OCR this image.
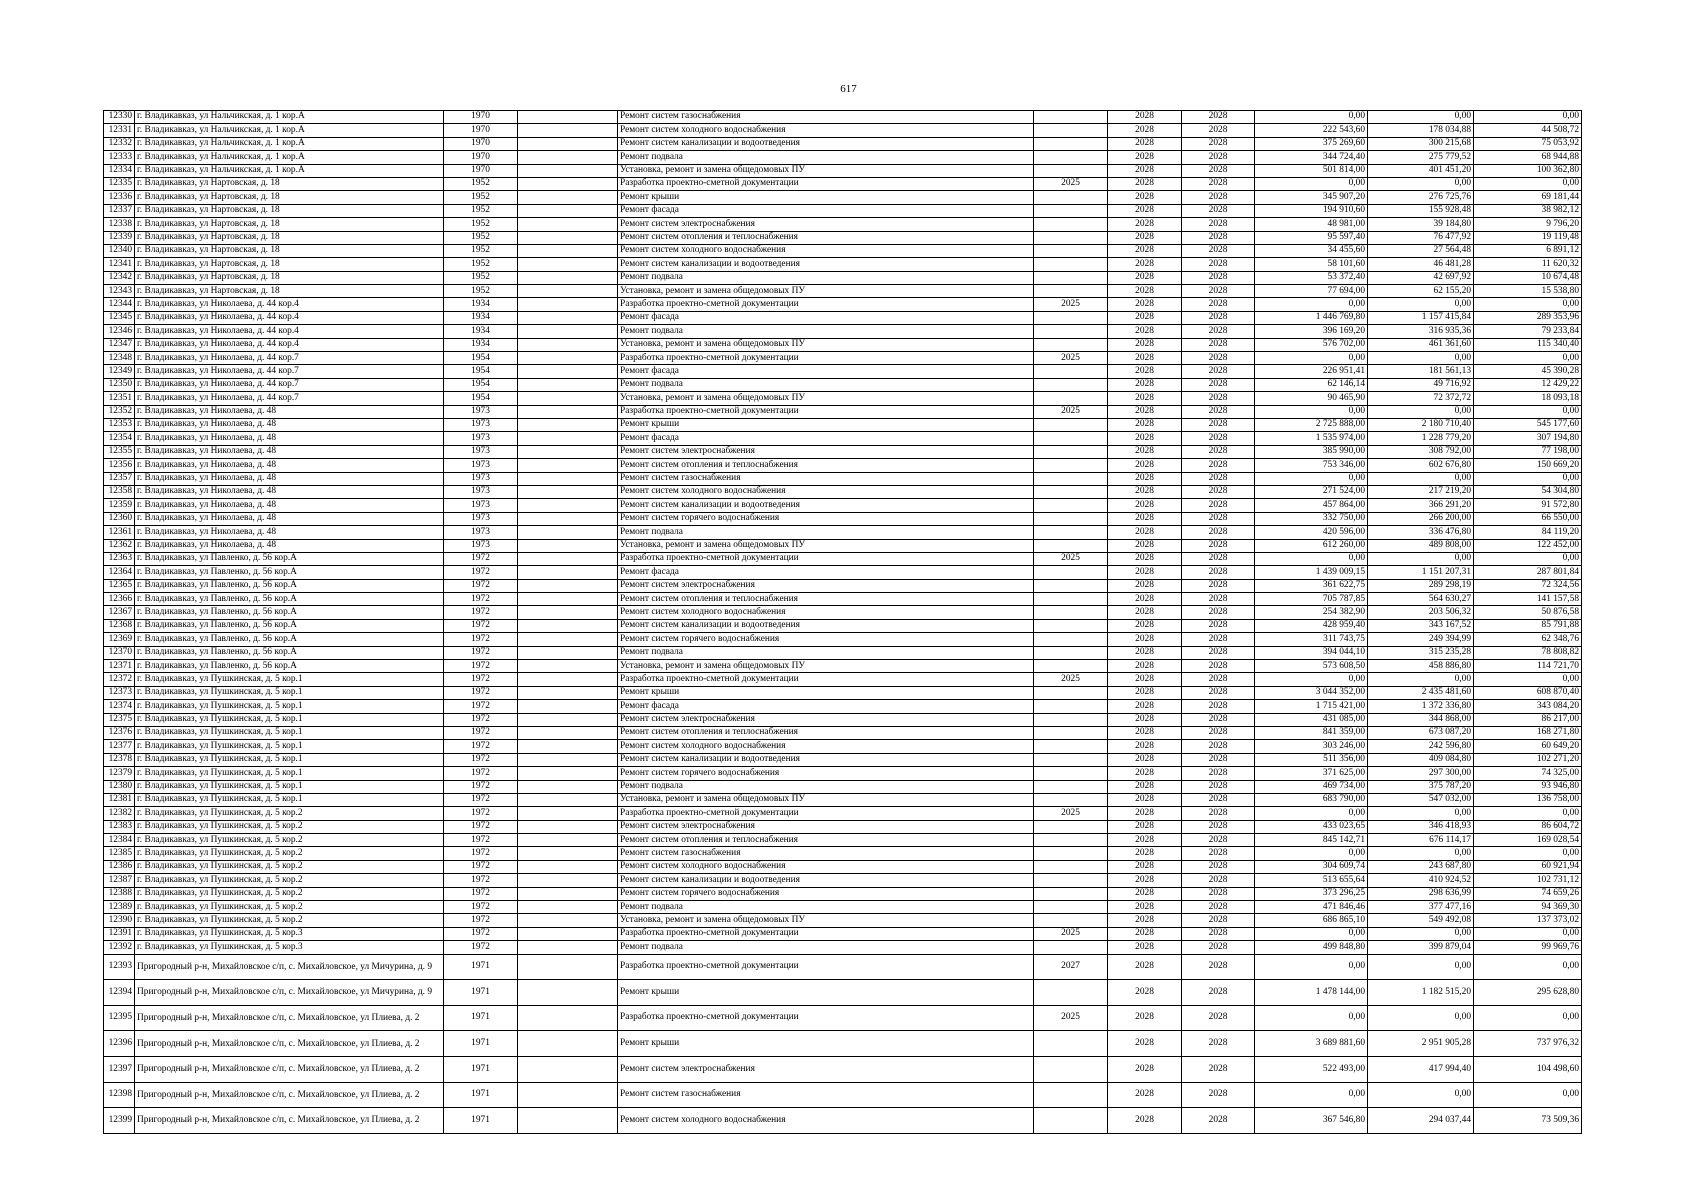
617
12330	г. Владикавказ, ул Нальчикская, д. 1 кор.А	1970		Ремонт систем газоснабжения		2028	2028	0,00	0,00	0,00
12331	г. Владикавказ, ул Нальчикская, д. 1 кор.А	1970		Ремонт систем холодного водоснабжения		2028	2028	222 543,60	178 034,88	44 508,72
12332	г. Владикавказ, ул Нальчикская, д. 1 кор.А	1970		Ремонт систем канализации и водоотведения		2028	2028	375 269,60	300 215,68	75 053,92
12333	г. Владикавказ, ул Нальчикская, д. 1 кор.А	1970		Ремонт подвала		2028	2028	344 724,40	275 779,52	68 944,88
12334	г. Владикавказ, ул Нальчикская, д. 1 кор.А	1970		Установка, ремонт и замена общедомовых ПУ		2028	2028	501 814,00	401 451,20	100 362,80
12335	г. Владикавказ, ул Нартовская, д. 18	1952		Разработка проектно-сметной документации	2025	2028	2028	0,00	0,00	0,00
12336	г. Владикавказ, ул Нартовская, д. 18	1952		Ремонт крыши		2028	2028	345 907,20	276 725,76	69 181,44
12337	г. Владикавказ, ул Нартовская, д. 18	1952		Ремонт фасада		2028	2028	194 910,60	155 928,48	38 982,12
12338	г. Владикавказ, ул Нартовская, д. 18	1952		Ремонт систем электроснабжения		2028	2028	48 981,00	39 184,80	9 796,20
12339	г. Владикавказ, ул Нартовская, д. 18	1952		Ремонт систем отопления и теплоснабжения		2028	2028	95 597,40	76 477,92	19 119,48
12340	г. Владикавказ, ул Нартовская, д. 18	1952		Ремонт систем холодного водоснабжения		2028	2028	34 455,60	27 564,48	6 891,12
12341	г. Владикавказ, ул Нартовская, д. 18	1952		Ремонт систем канализации и водоотведения		2028	2028	58 101,60	46 481,28	11 620,32
12342	г. Владикавказ, ул Нартовская, д. 18	1952		Ремонт подвала		2028	2028	53 372,40	42 697,92	10 674,48
12343	г. Владикавказ, ул Нартовская, д. 18	1952		Установка, ремонт и замена общедомовых ПУ		2028	2028	77 694,00	62 155,20	15 538,80
12344	г. Владикавказ, ул Николаева, д. 44 кор.4	1934		Разработка проектно-сметной документации	2025	2028	2028	0,00	0,00	0,00
12345	г. Владикавказ, ул Николаева, д. 44 кор.4	1934		Ремонт фасада		2028	2028	1 446 769,80	1 157 415,84	289 353,96
12346	г. Владикавказ, ул Николаева, д. 44 кор.4	1934		Ремонт подвала		2028	2028	396 169,20	316 935,36	79 233,84
12347	г. Владикавказ, ул Николаева, д. 44 кор.4	1934		Установка, ремонт и замена общедомовых ПУ		2028	2028	576 702,00	461 361,60	115 340,40
12348	г. Владикавказ, ул Николаева, д. 44 кор.7	1954		Разработка проектно-сметной документации	2025	2028	2028	0,00	0,00	0,00
12349	г. Владикавказ, ул Николаева, д. 44 кор.7	1954		Ремонт фасада		2028	2028	226 951,41	181 561,13	45 390,28
12350	г. Владикавказ, ул Николаева, д. 44 кор.7	1954		Ремонт подвала		2028	2028	62 146,14	49 716,92	12 429,22
12351	г. Владикавказ, ул Николаева, д. 44 кор.7	1954		Установка, ремонт и замена общедомовых ПУ		2028	2028	90 465,90	72 372,72	18 093,18
12352	г. Владикавказ, ул Николаева, д. 48	1973		Разработка проектно-сметной документации	2025	2028	2028	0,00	0,00	0,00
12353	г. Владикавказ, ул Николаева, д. 48	1973		Ремонт крыши		2028	2028	2 725 888,00	2 180 710,40	545 177,60
12354	г. Владикавказ, ул Николаева, д. 48	1973		Ремонт фасада		2028	2028	1 535 974,00	1 228 779,20	307 194,80
12355	г. Владикавказ, ул Николаева, д. 48	1973		Ремонт систем электроснабжения		2028	2028	385 990,00	308 792,00	77 198,00
12356	г. Владикавказ, ул Николаева, д. 48	1973		Ремонт систем отопления и теплоснабжения		2028	2028	753 346,00	602 676,80	150 669,20
12357	г. Владикавказ, ул Николаева, д. 48	1973		Ремонт систем газоснабжения		2028	2028	0,00	0,00	0,00
12358	г. Владикавказ, ул Николаева, д. 48	1973		Ремонт систем холодного водоснабжения		2028	2028	271 524,00	217 219,20	54 304,80
12359	г. Владикавказ, ул Николаева, д. 48	1973		Ремонт систем канализации и водоотведения		2028	2028	457 864,00	366 291,20	91 572,80
12360	г. Владикавказ, ул Николаева, д. 48	1973		Ремонт систем горячего водоснабжения		2028	2028	332 750,00	266 200,00	66 550,00
12361	г. Владикавказ, ул Николаева, д. 48	1973		Ремонт подвала		2028	2028	420 596,00	336 476,80	84 119,20
12362	г. Владикавказ, ул Николаева, д. 48	1973		Установка, ремонт и замена общедомовых ПУ		2028	2028	612 260,00	489 808,00	122 452,00
12363	г. Владикавказ, ул Павленко, д. 56 кор.А	1972		Разработка проектно-сметной документации	2025	2028	2028	0,00	0,00	0,00
12364	г. Владикавказ, ул Павленко, д. 56 кор.А	1972		Ремонт фасада		2028	2028	1 439 009,15	1 151 207,31	287 801,84
12365	г. Владикавказ, ул Павленко, д. 56 кор.А	1972		Ремонт систем электроснабжения		2028	2028	361 622,75	289 298,19	72 324,56
12366	г. Владикавказ, ул Павленко, д. 56 кор.А	1972		Ремонт систем отопления и теплоснабжения		2028	2028	705 787,85	564 630,27	141 157,58
12367	г. Владикавказ, ул Павленко, д. 56 кор.А	1972		Ремонт систем холодного водоснабжения		2028	2028	254 382,90	203 506,32	50 876,58
12368	г. Владикавказ, ул Павленко, д. 56 кор.А	1972		Ремонт систем канализации и водоотведения		2028	2028	428 959,40	343 167,52	85 791,88
12369	г. Владикавказ, ул Павленко, д. 56 кор.А	1972		Ремонт систем горячего водоснабжения		2028	2028	311 743,75	249 394,99	62 348,76
12370	г. Владикавказ, ул Павленко, д. 56 кор.А	1972		Ремонт подвала		2028	2028	394 044,10	315 235,28	78 808,82
12371	г. Владикавказ, ул Павленко, д. 56 кор.А	1972		Установка, ремонт и замена общедомовых ПУ		2028	2028	573 608,50	458 886,80	114 721,70
12372	г. Владикавказ, ул Пушкинская, д. 5 кор.1	1972		Разработка проектно-сметной документации	2025	2028	2028	0,00	0,00	0,00
12373	г. Владикавказ, ул Пушкинская, д. 5 кор.1	1972		Ремонт крыши		2028	2028	3 044 352,00	2 435 481,60	608 870,40
12374	г. Владикавказ, ул Пушкинская, д. 5 кор.1	1972		Ремонт фасада		2028	2028	1 715 421,00	1 372 336,80	343 084,20
12375	г. Владикавказ, ул Пушкинская, д. 5 кор.1	1972		Ремонт систем электроснабжения		2028	2028	431 085,00	344 868,00	86 217,00
12376	г. Владикавказ, ул Пушкинская, д. 5 кор.1	1972		Ремонт систем отопления и теплоснабжения		2028	2028	841 359,00	673 087,20	168 271,80
12377	г. Владикавказ, ул Пушкинская, д. 5 кор.1	1972		Ремонт систем холодного водоснабжения		2028	2028	303 246,00	242 596,80	60 649,20
12378	г. Владикавказ, ул Пушкинская, д. 5 кор.1	1972		Ремонт систем канализации и водоотведения		2028	2028	511 356,00	409 084,80	102 271,20
12379	г. Владикавказ, ул Пушкинская, д. 5 кор.1	1972		Ремонт систем горячего водоснабжения		2028	2028	371 625,00	297 300,00	74 325,00
12380	г. Владикавказ, ул Пушкинская, д. 5 кор.1	1972		Ремонт подвала		2028	2028	469 734,00	375 787,20	93 946,80
12381	г. Владикавказ, ул Пушкинская, д. 5 кор.1	1972		Установка, ремонт и замена общедомовых ПУ		2028	2028	683 790,00	547 032,00	136 758,00
12382	г. Владикавказ, ул Пушкинская, д. 5 кор.2	1972		Разработка проектно-сметной документации	2025	2028	2028	0,00	0,00	0,00
12383	г. Владикавказ, ул Пушкинская, д. 5 кор.2	1972		Ремонт систем электроснабжения		2028	2028	433 023,65	346 418,93	86 604,72
12384	г. Владикавказ, ул Пушкинская, д. 5 кор.2	1972		Ремонт систем отопления и теплоснабжения		2028	2028	845 142,71	676 114,17	169 028,54
12385	г. Владикавказ, ул Пушкинская, д. 5 кор.2	1972		Ремонт систем газоснабжения		2028	2028	0,00	0,00	0,00
12386	г. Владикавказ, ул Пушкинская, д. 5 кор.2	1972		Ремонт систем холодного водоснабжения		2028	2028	304 609,74	243 687,80	60 921,94
12387	г. Владикавказ, ул Пушкинская, д. 5 кор.2	1972		Ремонт систем канализации и водоотведения		2028	2028	513 655,64	410 924,52	102 731,12
12388	г. Владикавказ, ул Пушкинская, д. 5 кор.2	1972		Ремонт систем горячего водоснабжения		2028	2028	373 296,25	298 636,99	74 659,26
12389	г. Владикавказ, ул Пушкинская, д. 5 кор.2	1972		Ремонт подвала		2028	2028	471 846,46	377 477,16	94 369,30
12390	г. Владикавказ, ул Пушкинская, д. 5 кор.2	1972		Установка, ремонт и замена общедомовых ПУ		2028	2028	686 865,10	549 492,08	137 373,02
12391	г. Владикавказ, ул Пушкинская, д. 5 кор.3	1972		Разработка проектно-сметной документации	2025	2028	2028	0,00	0,00	0,00
12392	г. Владикавказ, ул Пушкинская, д. 5 кор.3	1972		Ремонт подвала		2028	2028	499 848,80	399 879,04	99 969,76
12393	Пригородный р-н, Михайловское с/п, с. Михайловское, ул Мичурина, д. 9	1971		Разработка проектно-сметной документации	2027	2028	2028	0,00	0,00	0,00
12394	Пригородный р-н, Михайловское с/п, с. Михайловское, ул Мичурина, д. 9	1971		Ремонт крыши		2028	2028	1 478 144,00	1 182 515,20	295 628,80
12395	Пригородный р-н, Михайловское с/п, с. Михайловское, ул Плиева, д. 2	1971		Разработка проектно-сметной документации	2025	2028	2028	0,00	0,00	0,00
12396	Пригородный р-н, Михайловское с/п, с. Михайловское, ул Плиева, д. 2	1971		Ремонт крыши		2028	2028	3 689 881,60	2 951 905,28	737 976,32
12397	Пригородный р-н, Михайловское с/п, с. Михайловское, ул Плиева, д. 2	1971		Ремонт систем электроснабжения		2028	2028	522 493,00	417 994,40	104 498,60
12398	Пригородный р-н, Михайловское с/п, с. Михайловское, ул Плиева, д. 2	1971		Ремонт систем газоснабжения		2028	2028	0,00	0,00	0,00
12399	Пригородный р-н, Михайловское с/п, с. Михайловское, ул Плиева, д. 2	1971		Ремонт систем холодного водоснабжения		2028	2028	367 546,80	294 037,44	73 509,36
